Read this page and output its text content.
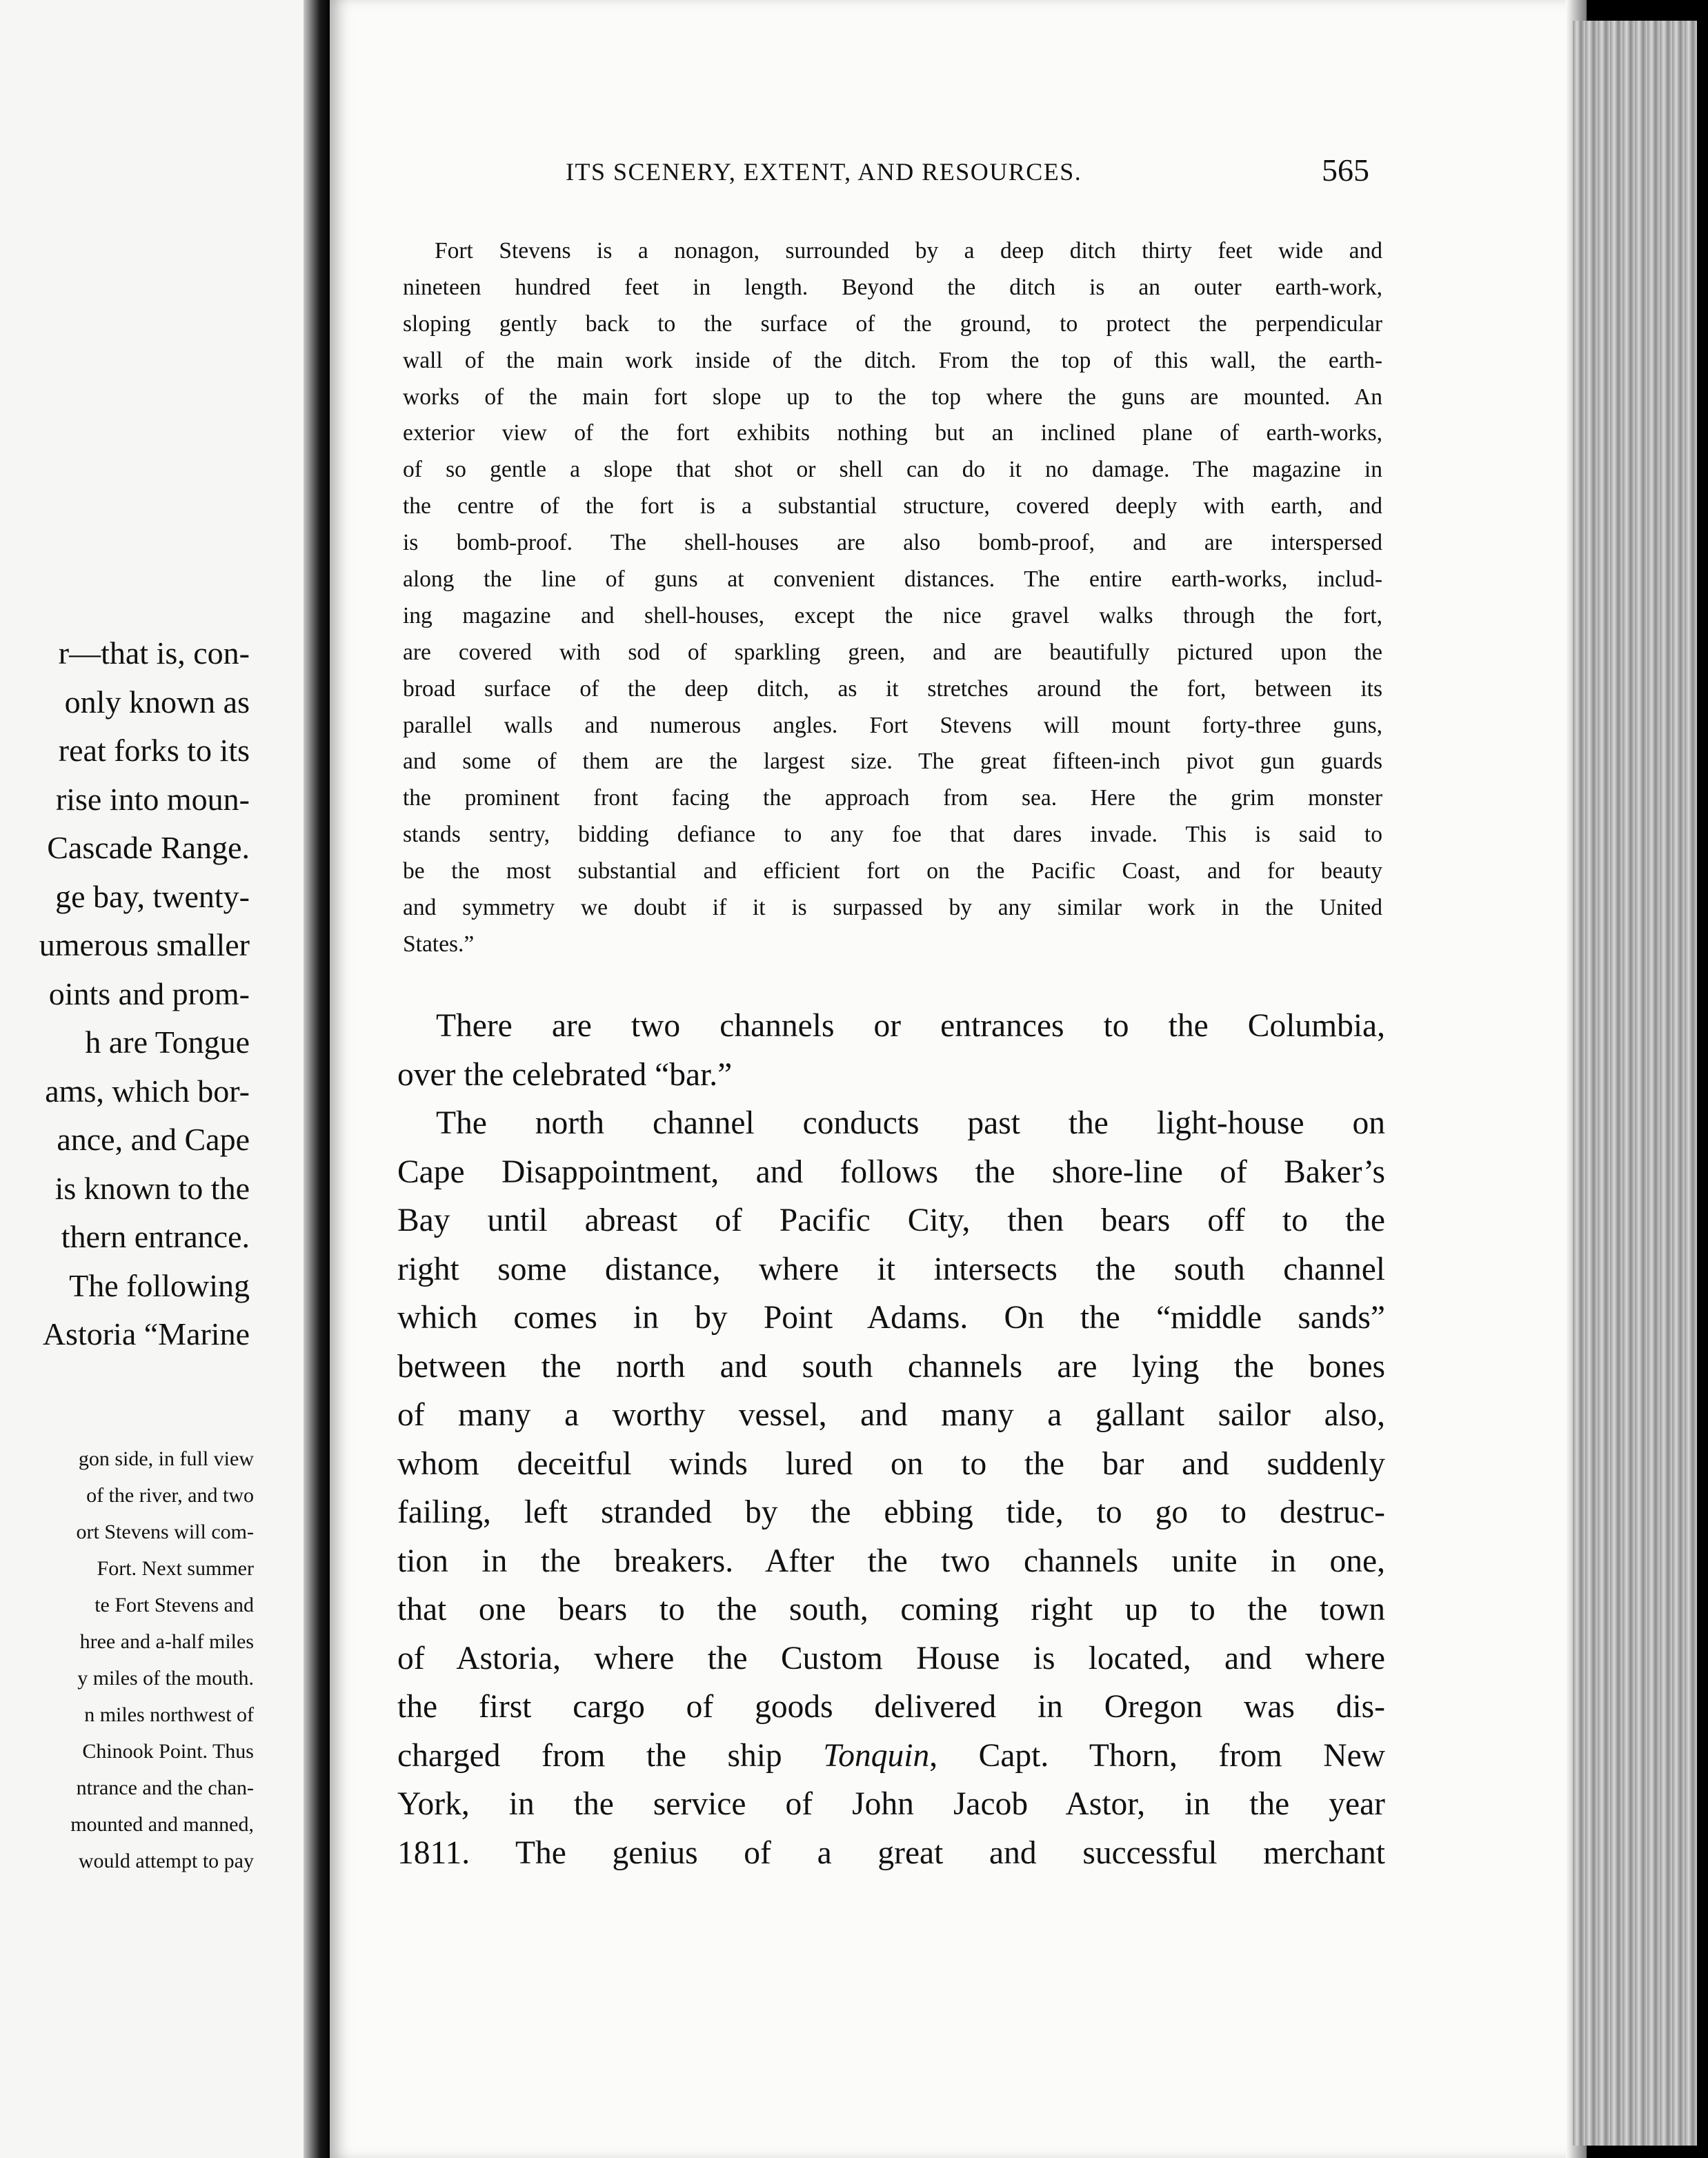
r—that is, con-
only known as
reat forks to its
rise into moun-
Cascade Range.
ge bay, twenty-
umerous smaller
oints and prom-
h are Tongue
ams, which bor-
ance, and Cape
is known to the
thern entrance.
The following
Astoria “Marine
gon side, in full view
of the river, and two
ort Stevens will com-
Fort. Next summer
te Fort Stevens and
hree and a-half miles
y miles of the mouth.
n miles northwest of
Chinook Point. Thus
ntrance and the chan-
mounted and manned,
would attempt to pay
ITS SCENERY, EXTENT, AND RESOURCES.	565
Fort Stevens is a nonagon, surrounded by a deep ditch thirty feet wide and
nineteen hundred feet in length. Beyond the ditch is an outer earth-work,
sloping gently back to the surface of the ground, to protect the perpendicular
wall of the main work inside of the ditch. From the top of this wall, the earth-
works of the main fort slope up to the top where the guns are mounted. An
exterior view of the fort exhibits nothing but an inclined plane of earth-works,
of so gentle a slope that shot or shell can do it no damage. The magazine in
the centre of the fort is a substantial structure, covered deeply with earth, and
is bomb-proof. The shell-houses are also bomb-proof, and are interspersed
along the line of guns at convenient distances. The entire earth-works, includ-
ing magazine and shell-houses, except the nice gravel walks through the fort,
are covered with sod of sparkling green, and are beautifully pictured upon the
broad surface of the deep ditch, as it stretches around the fort, between its
parallel walls and numerous angles. Fort Stevens will mount forty-three guns,
and some of them are the largest size. The great fifteen-inch pivot gun guards
the prominent front facing the approach from sea. Here the grim monster
stands sentry, bidding defiance to any foe that dares invade. This is said to
be the most substantial and efficient fort on the Pacific Coast, and for beauty
and symmetry we doubt if it is surpassed by any similar work in the United
States.”
There are two channels or entrances to the Columbia,
over the celebrated “bar.”
The north channel conducts past the light-house on
Cape Disappointment, and follows the shore-line of Baker’s
Bay until abreast of Pacific City, then bears off to the
right some distance, where it intersects the south channel
which comes in by Point Adams. On the “middle sands”
between the north and south channels are lying the bones
of many a worthy vessel, and many a gallant sailor also,
whom deceitful winds lured on to the bar and suddenly
failing, left stranded by the ebbing tide, to go to destruc-
tion in the breakers. After the two channels unite in one,
that one bears to the south, coming right up to the town
of Astoria, where the Custom House is located, and where
the first cargo of goods delivered in Oregon was dis-
charged from the ship Tonquin, Capt. Thorn, from New
York, in the service of John Jacob Astor, in the year
1811. The genius of a great and successful merchant
